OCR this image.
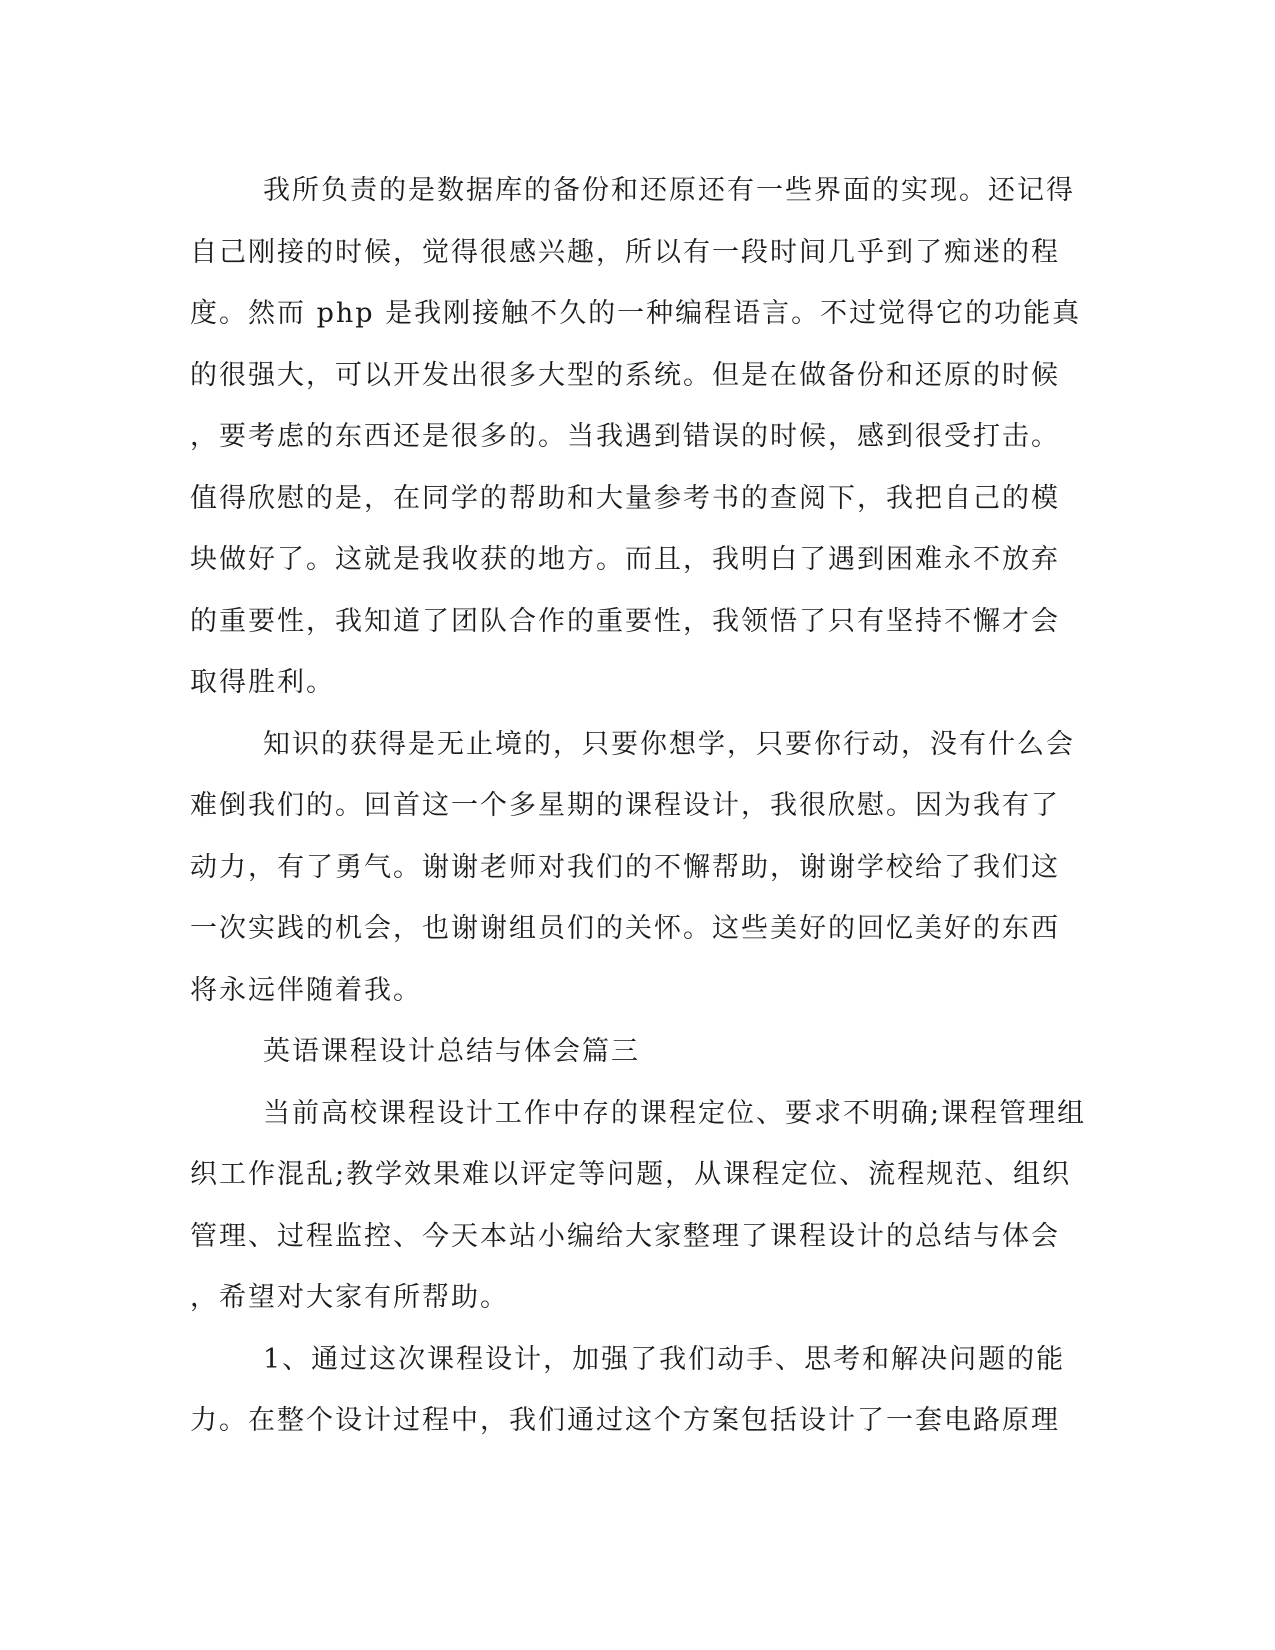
我所负责的是数据库的备份和还原还有一些界面的实现。还记得
自己刚接的时候，觉得很感兴趣，所以有一段时间几乎到了痴迷的程
度。然而 php 是我刚接触不久的一种编程语言。不过觉得它的功能真
的很强大，可以开发出很多大型的系统。但是在做备份和还原的时候
，要考虑的东西还是很多的。当我遇到错误的时候，感到很受打击。
值得欣慰的是，在同学的帮助和大量参考书的查阅下，我把自己的模
块做好了。这就是我收获的地方。而且，我明白了遇到困难永不放弃
的重要性，我知道了团队合作的重要性，我领悟了只有坚持不懈才会
取得胜利。
知识的获得是无止境的，只要你想学，只要你行动，没有什么会
难倒我们的。回首这一个多星期的课程设计，我很欣慰。因为我有了
动力，有了勇气。谢谢老师对我们的不懈帮助，谢谢学校给了我们这
一次实践的机会，也谢谢组员们的关怀。这些美好的回忆美好的东西
将永远伴随着我。
英语课程设计总结与体会篇三
当前高校课程设计工作中存的课程定位、要求不明确;课程管理组
织工作混乱;教学效果难以评定等问题，从课程定位、流程规范、组织
管理、过程监控、今天本站小编给大家整理了课程设计的总结与体会
，希望对大家有所帮助。
1、通过这次课程设计，加强了我们动手、思考和解决问题的能
力。在整个设计过程中，我们通过这个方案包括设计了一套电路原理
